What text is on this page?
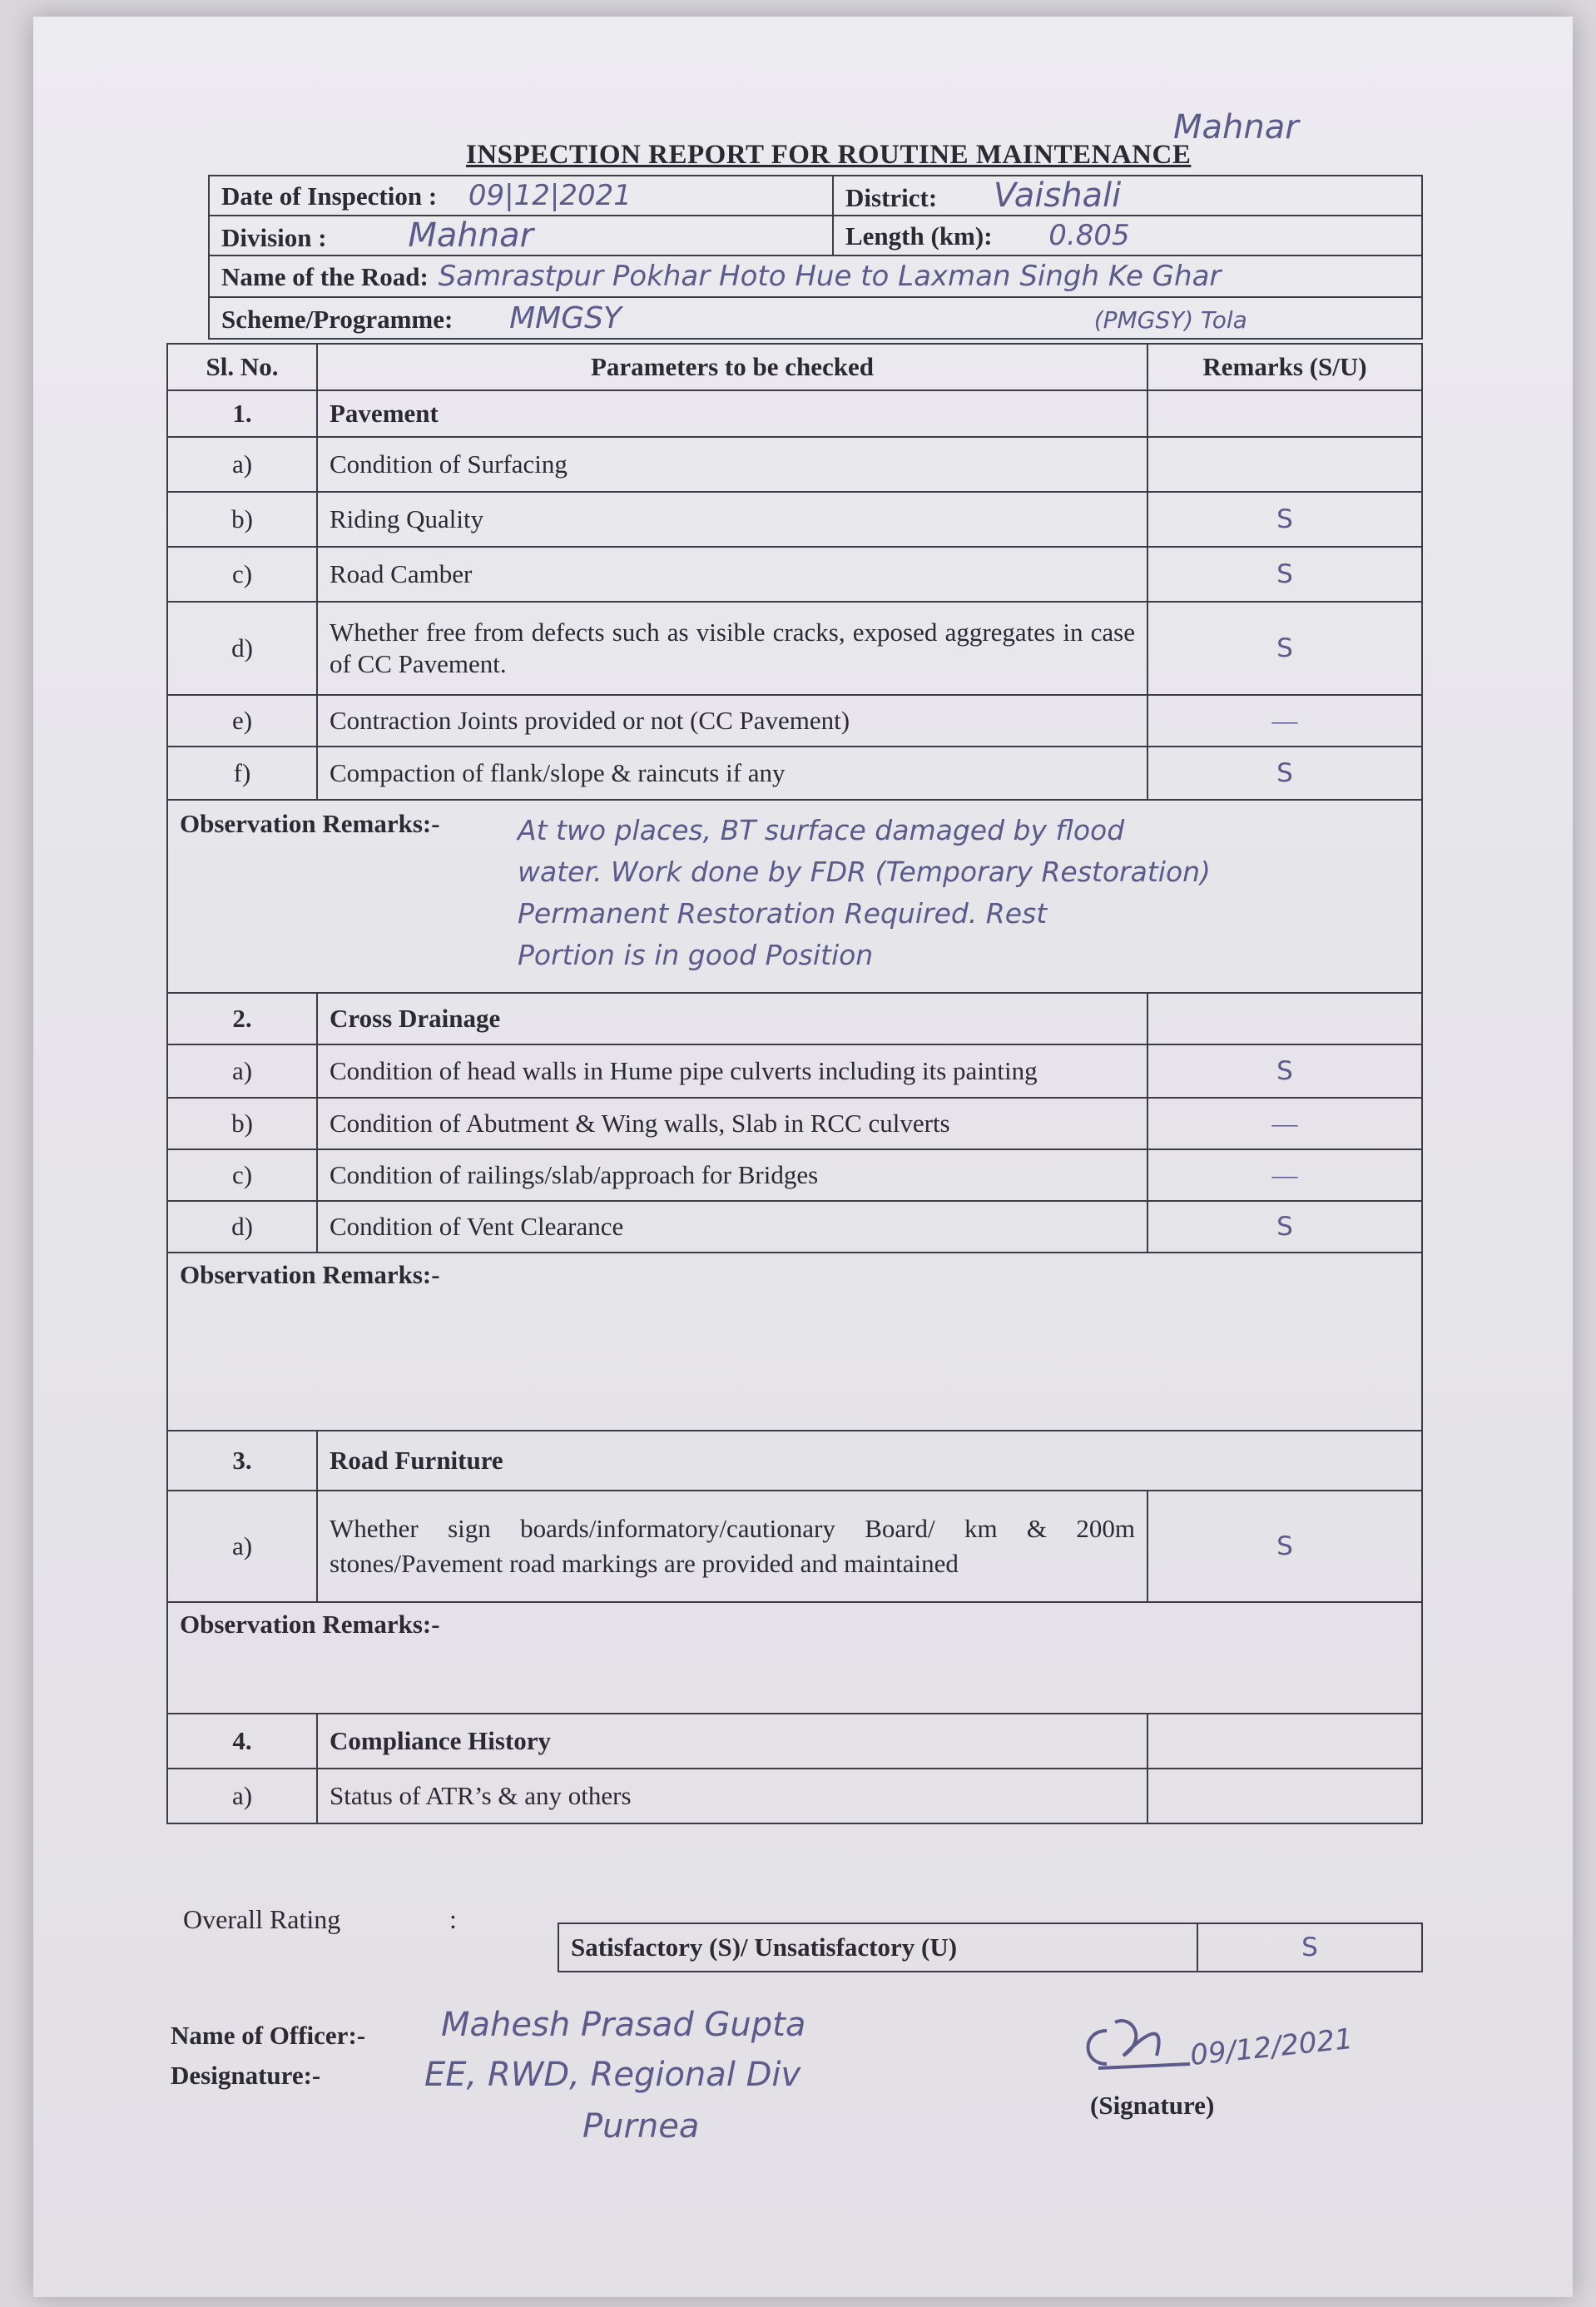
Mahnar
INSPECTION REPORT FOR ROUTINE MAINTENANCE
Date of Inspection : 09|12|2021	District: Vaishali
Division : Mahnar	Length (km): 0.805
Name of the Road: Samrastpur Pokhar Hoto Hue to Laxman Singh Ke Ghar	
Scheme/Programme: MMGSY (PMGSY) Tola	
Sl. No.	Parameters to be checked	Remarks (S/U)
1.	Pavement	
a)	Condition of Surfacing	
b)	Riding Quality	S
c)	Road Camber	S
d)	Whether free from defects such as visible cracks, exposed aggregates in case of CC Pavement.	S
e)	Contraction Joints provided or not (CC Pavement)	—
f)	Compaction of flank/slope & raincuts if any	S

Observation Remarks:- At two places, BT surface damaged by flood
water. Work done by FDR (Temporary Restoration)
Permanent Restoration Required. Rest
Portion is in good Position		

2.	Cross Drainage	
a)	Condition of head walls in Hume pipe culverts including its painting	S
b)	Condition of Abutment & Wing walls, Slab in RCC culverts	—
c)	Condition of railings/slab/approach for Bridges	—
d)	Condition of Vent Clearance	S

Observation Remarks:-		

3.	Road Furniture	
a)	Whether sign boards/informatory/cautionary Board/ km & 200m stones/Pavement road markings are provided and maintained	S

Observation Remarks:-		

4.	Compliance History	
a)	Status of ATR’s & any others	
Overall Rating	:
Satisfactory (S)/ Unsatisfactory (U)	S
Name of Officer:- Mahesh Prasad Gupta
Designature:-	EE, RWD, Regional Div
Purnea
09/12/2021
(Signature)
